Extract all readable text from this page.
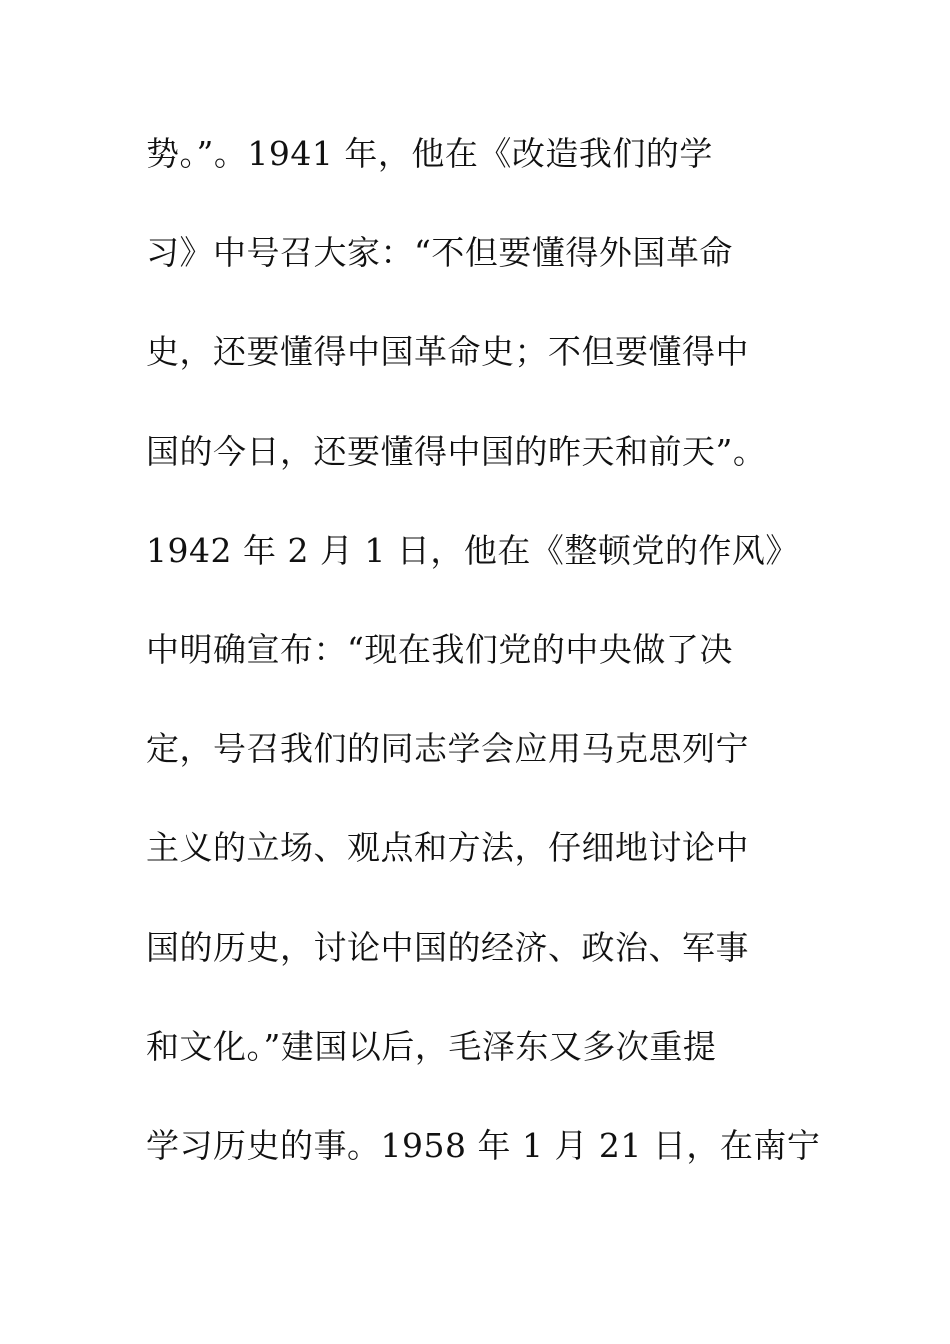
势。”。1941 年，他在《改造我们的学
习》中号召大家：“不但要懂得外国革命
史，还要懂得中国革命史；不但要懂得中
国的今日，还要懂得中国的昨天和前天”。
1942 年 2 月 1 日，他在《整顿党的作风》
中明确宣布：“现在我们党的中央做了决
定，号召我们的同志学会应用马克思列宁
主义的立场、观点和方法，仔细地讨论中
国的历史，讨论中国的经济、政治、军事
和文化。”建国以后，毛泽东又多次重提
学习历史的事。1958 年 1 月 21 日，在南宁
